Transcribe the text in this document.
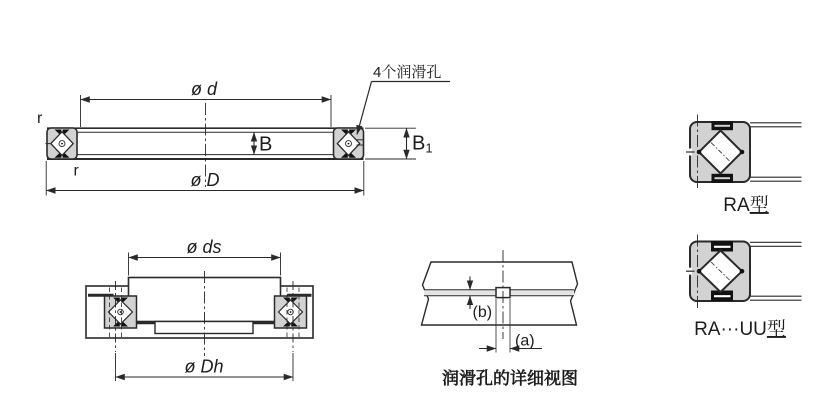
ø d
ø D
B	B1
r
r
4个润滑孔
ø ds
ø Dh
(a)
(b)
润滑孔的详细视图
RA型
RA···UU型
